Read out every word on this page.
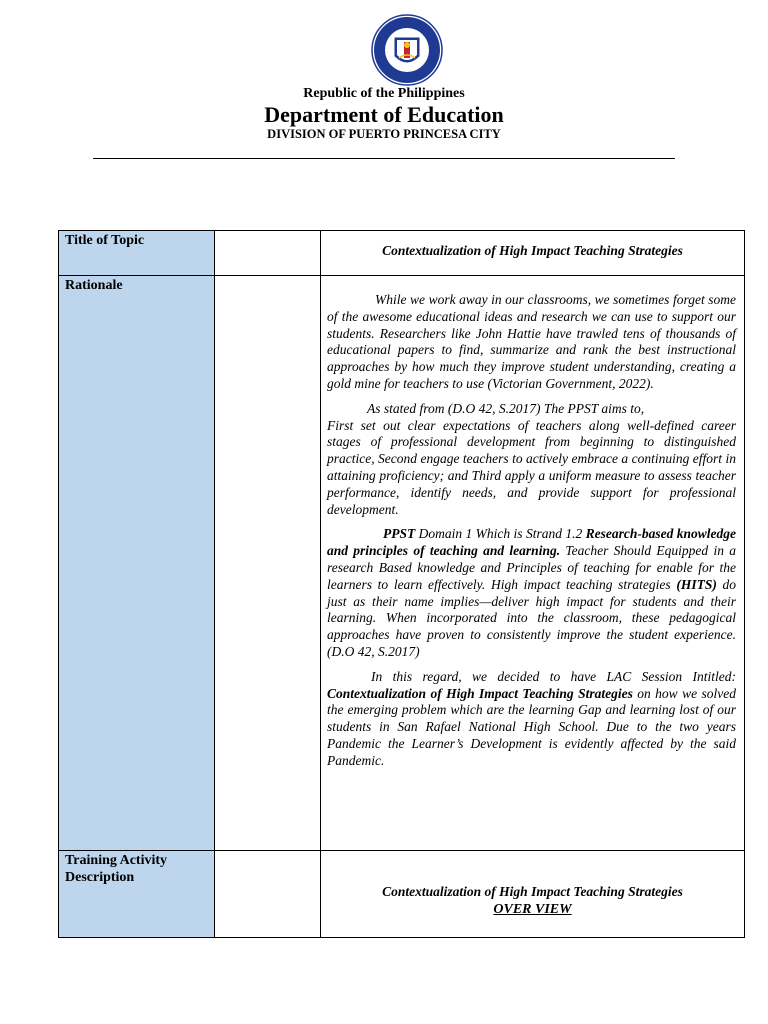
Republic of the Philippines
Department of Education
DIVISION OF PUERTO PRINCESA CITY
Title of Topic		Contextualization of High Impact Teaching Strategies

Rationale		While we work away in our classrooms, we sometimes forget some of the awesome educational ideas and research we can use to support our students. Researchers like John Hattie have trawled tens of thousands of educational papers to find, summarize and rank the best instructional approaches by how much they improve student understanding, creating a gold mine for teachers to use (Victorian Government, 2022).

As stated from (D.O 42, S.2017) The PPST aims to,
First set out clear expectations of teachers along well-defined career stages of professional development from beginning to distinguished practice, Second engage teachers to actively embrace a continuing effort in attaining proficiency; and Third apply a uniform measure to assess teacher performance, identify needs, and provide support for professional development.

PPST Domain 1 Which is Strand 1.2 Research-based knowledge and principles of teaching and learning. Teacher Should Equipped in a research Based knowledge and Principles of teaching for enable for the learners to learn effectively. High impact teaching strategies (HITS) do just as their name implies—deliver high impact for students and their learning. When incorporated into the classroom, these pedagogical approaches have proven to consistently improve the student experience. (D.O 42, S.2017)

In this regard, we decided to have LAC Session Intitled: Contextualization of High Impact Teaching Strategies on how we solved the emerging problem which are the learning Gap and learning lost of our students in San Rafael National High School. Due to the two years Pandemic the Learner’s Development is evidently affected by the said Pandemic.

Training Activity Description		Contextualization of High Impact Teaching Strategies
OVER VIEW
